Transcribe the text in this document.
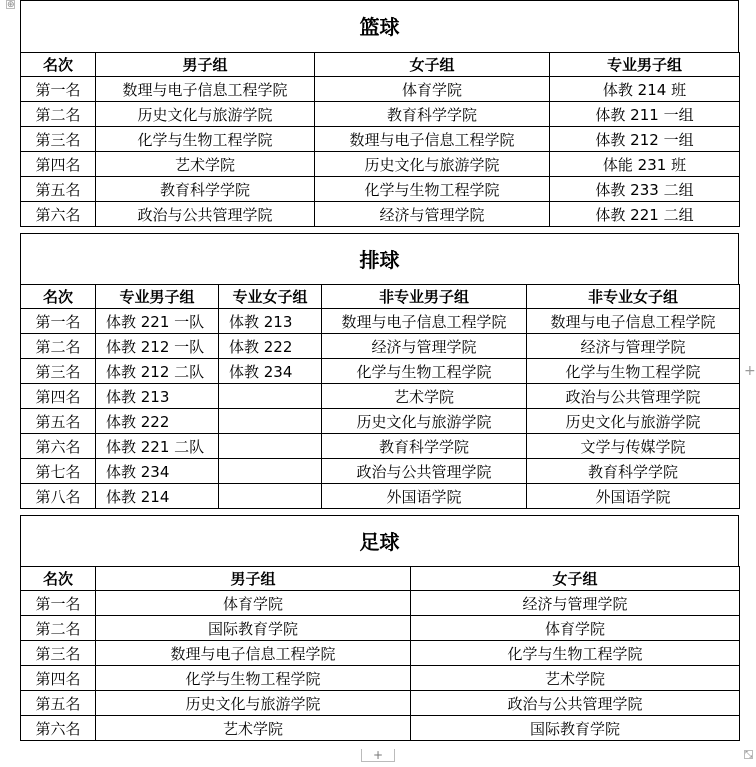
⊕
篮球
名次	男子组	女子组	专业男子组
第一名	数理与电子信息工程学院	体育学院	体教 214 班
第二名	历史文化与旅游学院	教育科学学院	体教 211 一组
第三名	化学与生物工程学院	数理与电子信息工程学院	体教 212 一组
第四名	艺术学院	历史文化与旅游学院	体能 231 班
第五名	教育科学学院	化学与生物工程学院	体教 233 二组
第六名	政治与公共管理学院	经济与管理学院	体教 221 二组
排球
名次	专业男子组	专业女子组	非专业男子组	非专业女子组
第一名	体教 221 一队	体教 213	数理与电子信息工程学院	数理与电子信息工程学院
第二名	体教 212 一队	体教 222	经济与管理学院	经济与管理学院
第三名	体教 212 二队	体教 234	化学与生物工程学院	化学与生物工程学院
第四名	体教 213		艺术学院	政治与公共管理学院
第五名	体教 222		历史文化与旅游学院	历史文化与旅游学院
第六名	体教 221 二队		教育科学学院	文学与传媒学院
第七名	体教 234		政治与公共管理学院	教育科学学院
第八名	体教 214		外国语学院	外国语学院
足球
名次	男子组	女子组
第一名	体育学院	经济与管理学院
第二名	国际教育学院	体育学院
第三名	数理与电子信息工程学院	化学与生物工程学院
第四名	化学与生物工程学院	艺术学院
第五名	历史文化与旅游学院	政治与公共管理学院
第六名	艺术学院	国际教育学院
+
+	⤡
